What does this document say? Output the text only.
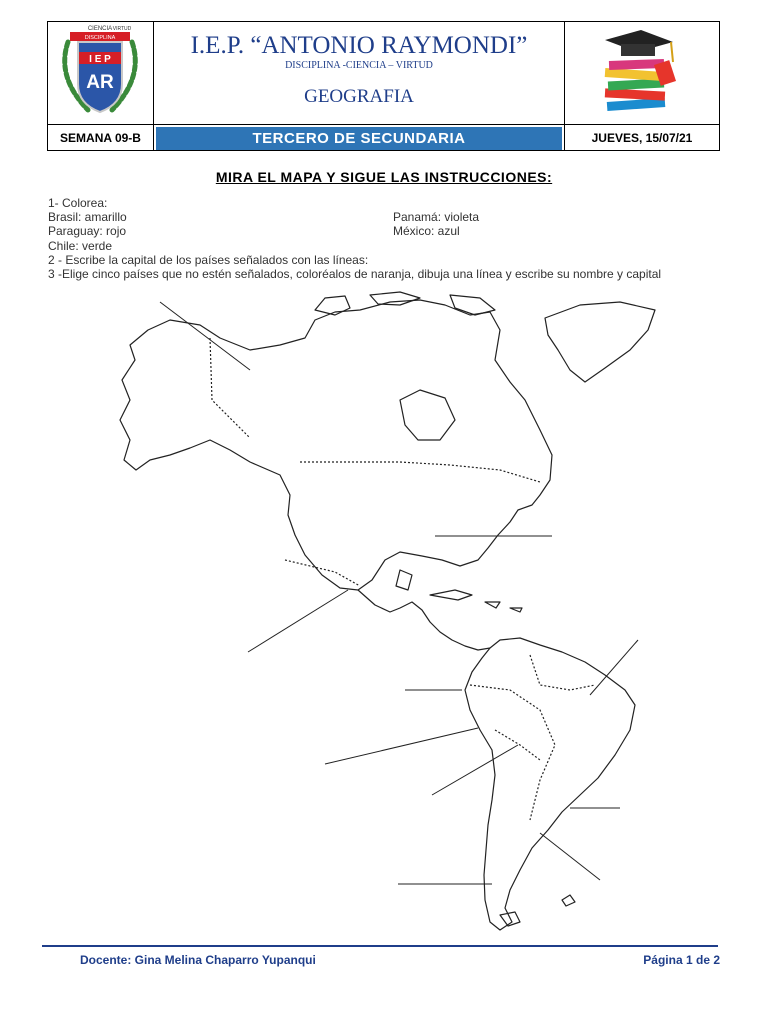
I E P
AR
DISCIPLINA
CIENCIA VIRTUD
I.E.P. “ANTONIO RAYMONDI”
DISCIPLINA -CIENCIA – VIRTUD
GEOGRAFIA
SEMANA 09-B	TERCERO DE SECUNDARIA	JUEVES, 15/07/21
MIRA EL MAPA Y SIGUE LAS INSTRUCCIONES:
1- Colorea:
Brasil: amarillo	Panamá: violeta
Paraguay: rojo	México: azul
Chile: verde
2 - Escribe la capital de los países señalados con las líneas:
3 -Elige cinco países que no estén señalados, coloréalos de naranja, dibuja una línea y escribe su nombre y capital
Docente: Gina Melina Chaparro Yupanqui	Página 1 de 2
